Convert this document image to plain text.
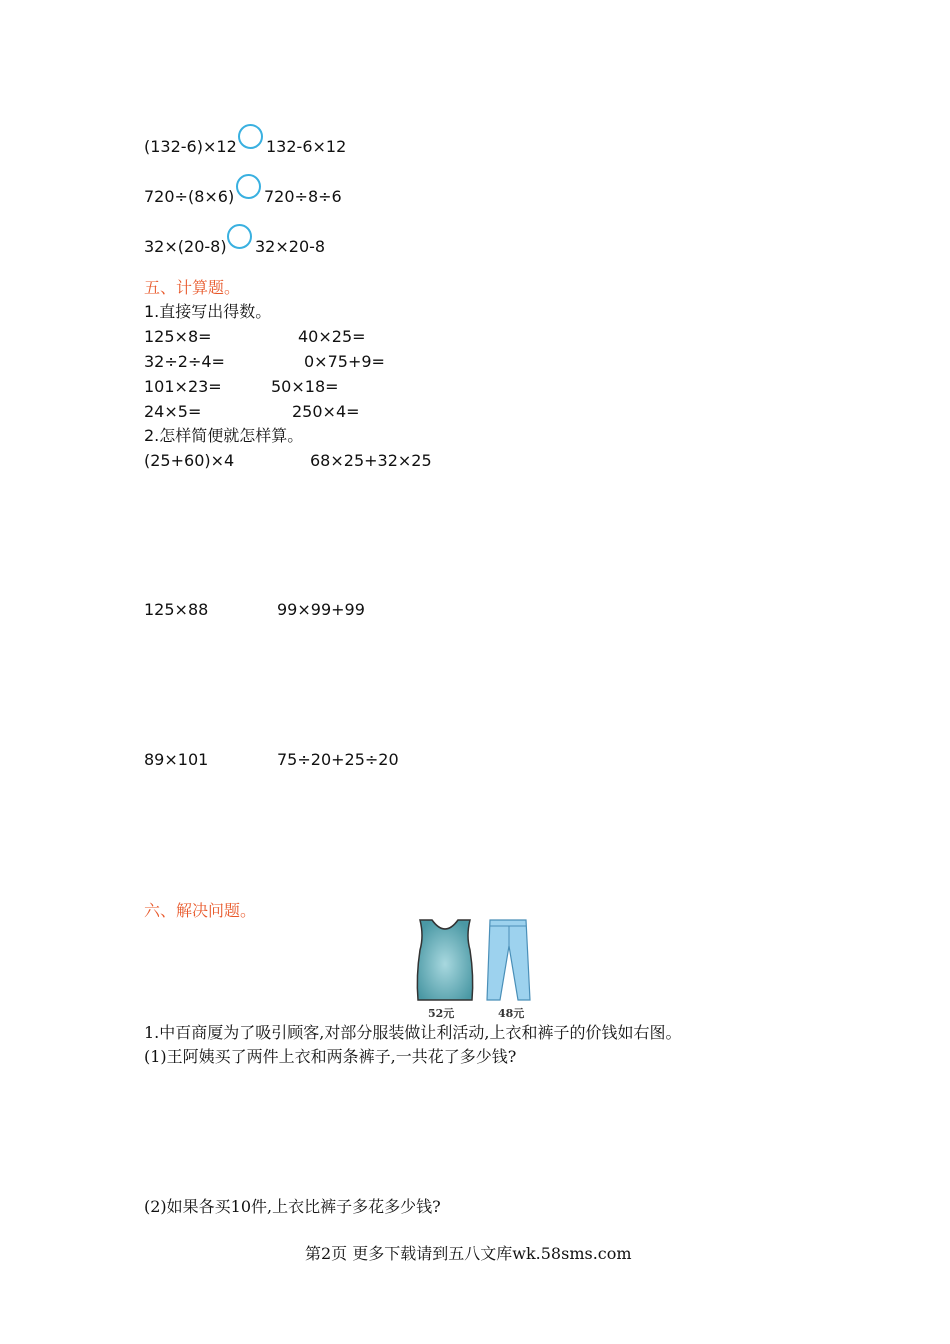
(132-6)×12 132-6×12
720÷(8×6) 720÷8÷6
32×(20-8) 32×20-8
五、计算题。
1.直接写出得数。
125×8=	40×25=
32÷2÷4=	0×75+9=
101×23=	50×18=
24×5=	250×4=
2.怎样简便就怎样算。
(25+60)×4	68×25+32×25
125×88	99×99+99
89×101	75÷20+25÷20
六、解决问题。
52元	48元
1.中百商厦为了吸引顾客,对部分服装做让利活动,上衣和裤子的价钱如右图。
(1)王阿姨买了两件上衣和两条裤子,一共花了多少钱?
(2)如果各买10件,上衣比裤子多花多少钱?
第2页 更多下载请到五八文库wk.58sms.com
